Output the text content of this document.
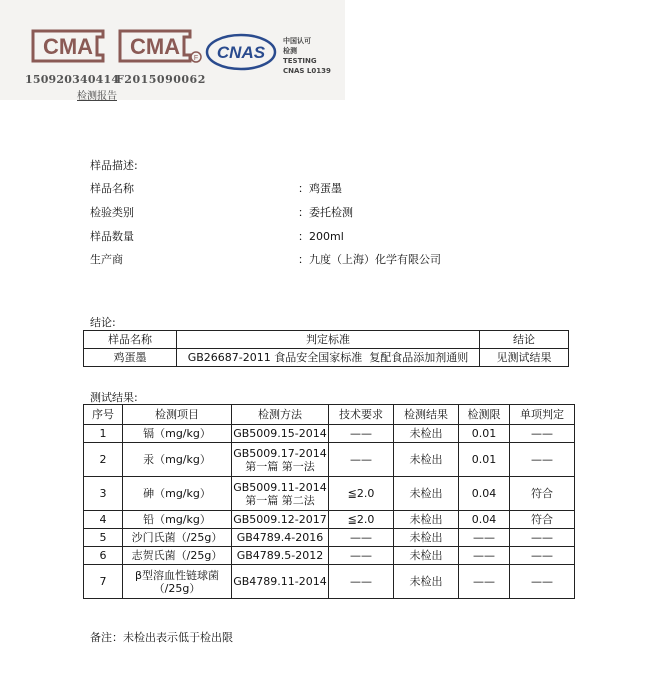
CMA CMA F CNAS
中国认可
检测
TESTING
CNAS L0139
150920340414
F2015090062
检测报告
样品描述:
样品名称	：鸡蛋墨
检验类别	：委托检测
样品数量	：200ml
生产商	：九度（上海）化学有限公司
结论:
样品名称	判定标准	结论
鸡蛋墨	GB26687-2011 食品安全国家标准  复配食品添加剂通则	见测试结果
测试结果:
序号	检测项目	检测方法	技术要求	检测结果	检测限	单项判定
1	镉（mg/kg）	GB5009.15-2014	——	未检出	0.01	——
2	汞（mg/kg）	GB5009.17-2014
第一篇 第一法	——	未检出	0.01	——
3	砷（mg/kg）	GB5009.11-2014
第一篇 第二法	≦2.0	未检出	0.04	符合
4	铅（mg/kg）	GB5009.12-2017	≦2.0	未检出	0.04	符合
5	沙门氏菌（/25g）	GB4789.4-2016	——	未检出	——	——
6	志贺氏菌（/25g）	GB4789.5-2012	——	未检出	——	——
7	β型溶血性链球菌
（/25g）	GB4789.11-2014	——	未检出	——	——
备注：未检出表示低于检出限
